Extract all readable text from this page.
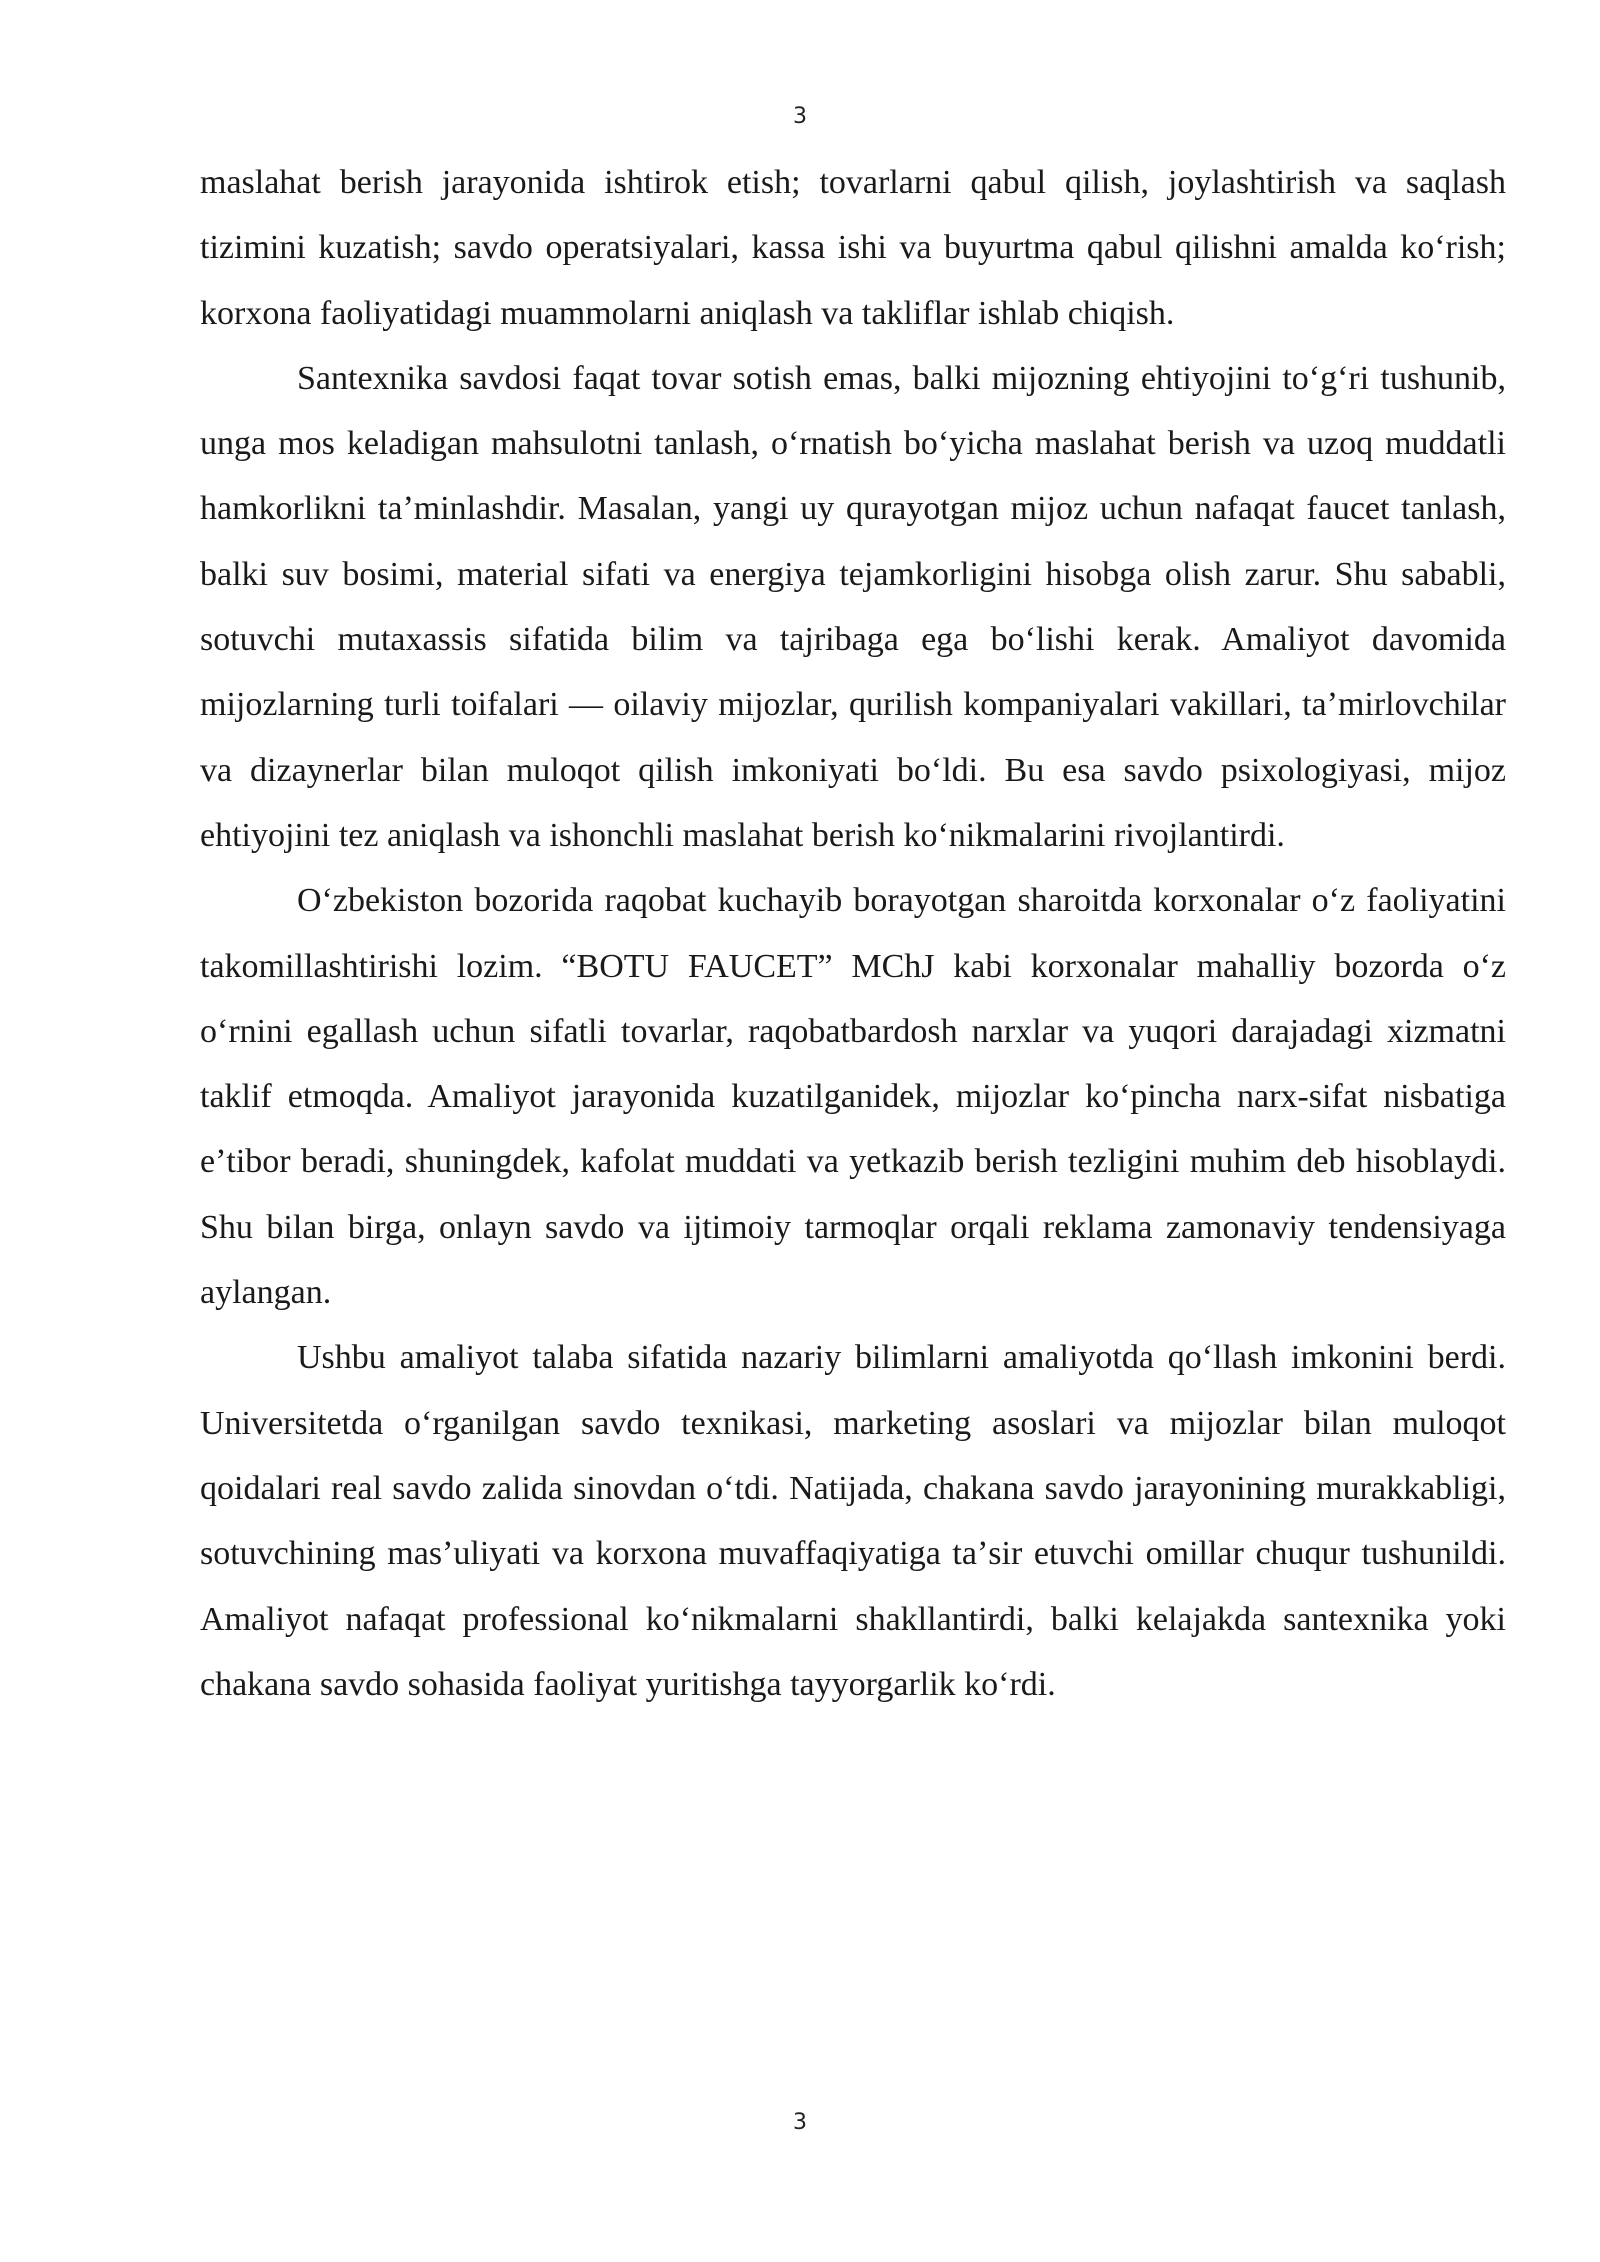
3

maslahat berish jarayonida ishtirok etish; tovarlarni qabul qilish, joylashtirish va saqlash tizimini kuzatish; savdo operatsiyalari, kassa ishi va buyurtma qabul qilishni amalda koʻrish; korxona faoliyatidagi muammolarni aniqlash va takliflar ishlab chiqish.

Santexnika savdosi faqat tovar sotish emas, balki mijozning ehtiyojini toʻgʻri tushunib, unga mos keladigan mahsulotni tanlash, oʻrnatish boʻyicha maslahat berish va uzoq muddatli hamkorlikni taʼminlashdir. Masalan, yangi uy qurayotgan mijoz uchun nafaqat faucet tanlash, balki suv bosimi, material sifati va energiya tejamkorligini hisobga olish zarur. Shu sababli, sotuvchi mutaxassis sifatida bilim va tajribaga ega boʻlishi kerak. Amaliyot davomida mijozlarning turli toifalari — oilaviy mijozlar, qurilish kompaniyalari vakillari, taʼmirlovchilar va dizaynerlar bilan muloqot qilish imkoniyati boʻldi. Bu esa savdo psixologiyasi, mijoz ehtiyojini tez aniqlash va ishonchli maslahat berish koʻnikmalarini rivojlantirdi.

Oʻzbekiston bozorida raqobat kuchayib borayotgan sharoitda korxonalar oʻz faoliyatini takomillashtirishi lozim. “BOTU FAUCET” MChJ kabi korxonalar mahalliy bozorda oʻz oʻrnini egallash uchun sifatli tovarlar, raqobatbardosh narxlar va yuqori darajadagi xizmatni taklif etmoqda. Amaliyot jarayonida kuzatilganidek, mijozlar koʻpincha narx-sifat nisbatiga eʼtibor beradi, shuningdek, kafolat muddati va yetkazib berish tezligini muhim deb hisoblaydi. Shu bilan birga, onlayn savdo va ijtimoiy tarmoqlar orqali reklama zamonaviy tendensiyaga aylangan.

Ushbu amaliyot talaba sifatida nazariy bilimlarni amaliyotda qoʻllash imkonini berdi. Universitetda oʻrganilgan savdo texnikasi, marketing asoslari va mijozlar bilan muloqot qoidalari real savdo zalida sinovdan oʻtdi. Natijada, chakana savdo jarayonining murakkabligi, sotuvchining masʼuliyati va korxona muvaffaqiyatiga taʼsir etuvchi omillar chuqur tushunildi. Amaliyot nafaqat professional koʻnikmalarni shakllantirdi, balki kelajakda santexnika yoki chakana savdo sohasida faoliyat yuritishga tayyorgarlik koʻrdi.

3
